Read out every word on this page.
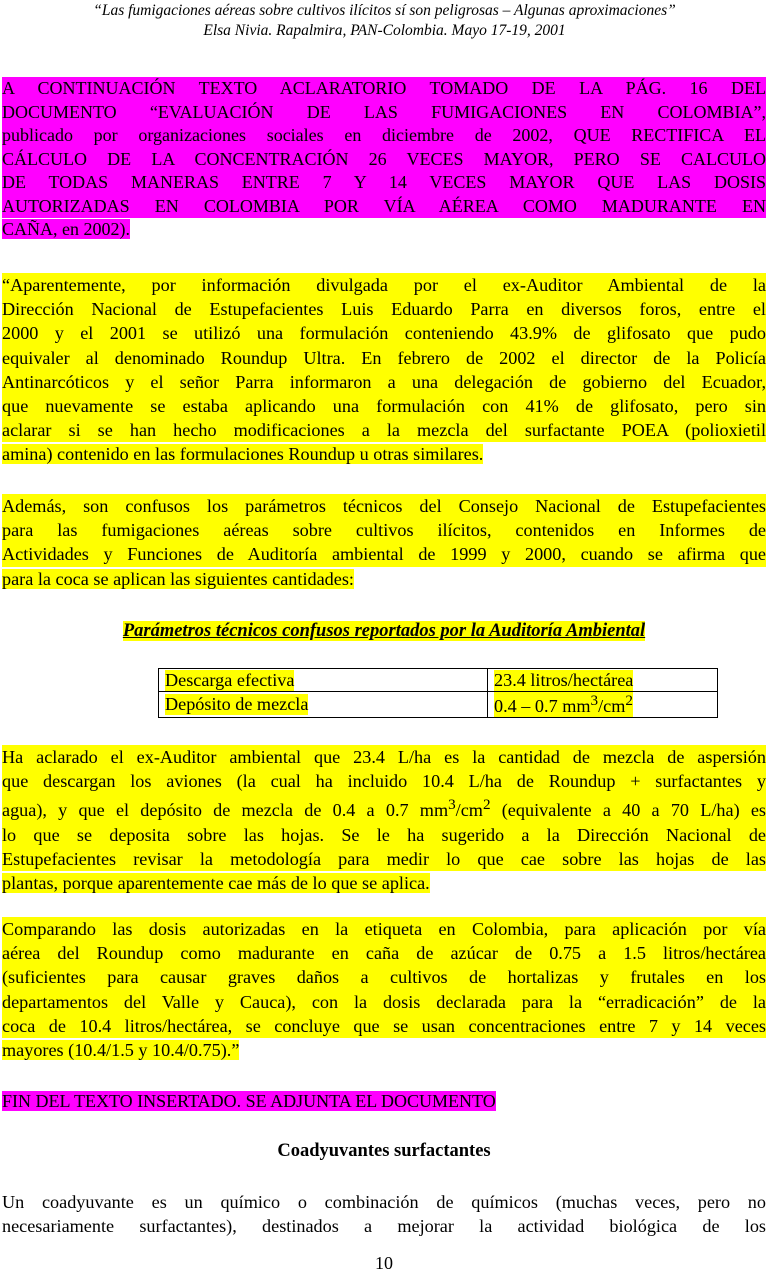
“Las fumigaciones aéreas sobre cultivos ilícitos sí son peligrosas – Algunas aproximaciones”
Elsa Nivia. Rapalmira, PAN-Colombia. Mayo 17-19, 2001
A CONTINUACIÓN TEXTO ACLARATORIO TOMADO DE LA PÁG. 16 DEL
DOCUMENTO “EVALUACIÓN DE LAS FUMIGACIONES EN COLOMBIA”,
publicado por organizaciones sociales en diciembre de 2002, QUE RECTIFICA EL
CÁLCULO DE LA CONCENTRACIÓN 26 VECES MAYOR, PERO SE CALCULO
DE TODAS MANERAS ENTRE 7 Y 14 VECES MAYOR QUE LAS DOSIS
AUTORIZADAS EN COLOMBIA POR VÍA AÉREA COMO MADURANTE EN
CAÑA, en 2002).
“Aparentemente, por información divulgada por el ex-Auditor Ambiental de la
Dirección Nacional de Estupefacientes Luis Eduardo Parra en diversos foros, entre el
2000 y el 2001 se utilizó una formulación conteniendo 43.9% de glifosato que pudo
equivaler al denominado Roundup Ultra. En febrero de 2002 el director de la Policía
Antinarcóticos y el señor Parra informaron a una delegación de gobierno del Ecuador,
que nuevamente se estaba aplicando una formulación con 41% de glifosato, pero sin
aclarar si se han hecho modificaciones a la mezcla del surfactante POEA (polioxietil
amina) contenido en las formulaciones Roundup u otras similares.
Además, son confusos los parámetros técnicos del Consejo Nacional de Estupefacientes
para las fumigaciones aéreas sobre cultivos ilícitos, contenidos en Informes de
Actividades y Funciones de Auditoría ambiental de 1999 y 2000, cuando se afirma que
para la coca se aplican las siguientes cantidades:
Parámetros técnicos confusos reportados por la Auditoría Ambiental
Descarga efectiva	23.4 litros/hectárea
Depósito de mezcla	0.4 – 0.7 $mm^3/cm^2$
Ha aclarado el ex-Auditor ambiental que 23.4 L/ha es la cantidad de mezcla de aspersión
que descargan los aviones (la cual ha incluido 10.4 L/ha de Roundup + surfactantes y
agua), y que el depósito de mezcla de 0.4 a 0.7 $mm^3/cm^2$ (equivalente a 40 a 70 L/ha) es
lo que se deposita sobre las hojas. Se le ha sugerido a la Dirección Nacional de
Estupefacientes revisar la metodología para medir lo que cae sobre las hojas de las
plantas, porque aparentemente cae más de lo que se aplica.
Comparando las dosis autorizadas en la etiqueta en Colombia, para aplicación por vía
aérea del Roundup como madurante en caña de azúcar de 0.75 a 1.5 litros/hectárea
(suficientes para causar graves daños a cultivos de hortalizas y frutales en los
departamentos del Valle y Cauca), con la dosis declarada para la “erradicación” de la
coca de 10.4 litros/hectárea, se concluye que se usan concentraciones entre 7 y 14 veces
mayores (10.4/1.5 y 10.4/0.75).”
FIN DEL TEXTO INSERTADO. SE ADJUNTA EL DOCUMENTO
Coadyuvantes surfactantes
Un coadyuvante es un químico o combinación de químicos (muchas veces, pero no
necesariamente surfactantes), destinados a mejorar la actividad biológica de los
10
